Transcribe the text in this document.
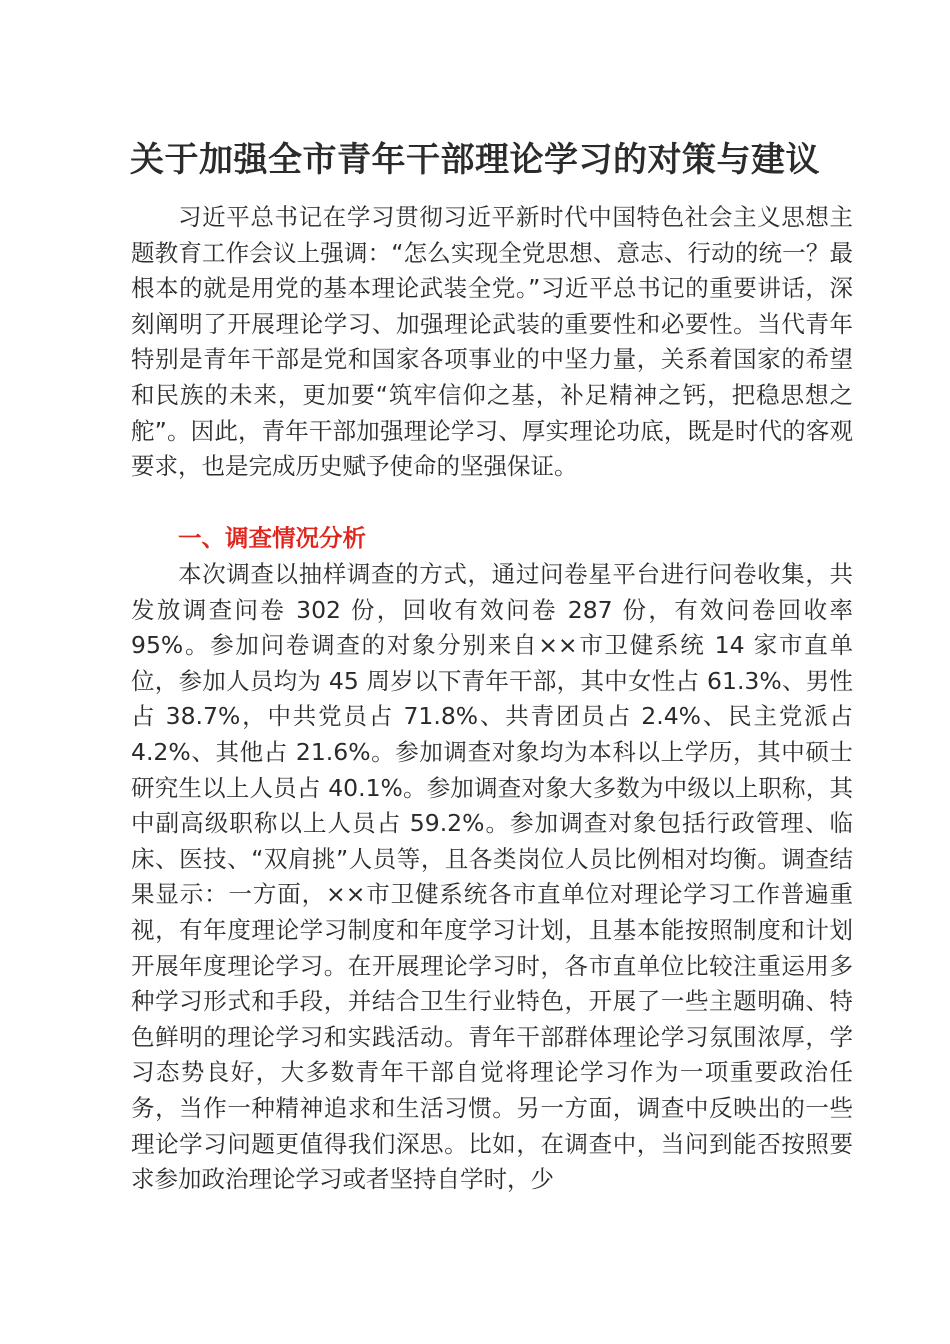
关于加强全市青年干部理论学习的对策与建议

习近平总书记在学习贯彻习近平新时代中国特色社会主义思想主题教育工作会议上强调：“怎么实现全党思想、意志、行动的统一？最根本的就是用党的基本理论武装全党。”习近平总书记的重要讲话，深刻阐明了开展理论学习、加强理论武装的重要性和必要性。当代青年特别是青年干部是党和国家各项事业的中坚力量，关系着国家的希望和民族的未来，更加要“筑牢信仰之基，补足精神之钙，把稳思想之舵”。因此，青年干部加强理论学习、厚实理论功底，既是时代的客观要求，也是完成历史赋予使命的坚强保证。

一、调查情况分析

本次调查以抽样调查的方式，通过问卷星平台进行问卷收集，共发放调查问卷 302 份，回收有效问卷 287 份，有效问卷回收率 95%。参加问卷调查的对象分别来自××市卫健系统 14 家市直单位，参加人员均为 45 周岁以下青年干部，其中女性占 61.3%、男性占 38.7%，中共党员占 71.8%、共青团员占 2.4%、民主党派占 4.2%、其他占 21.6%。参加调查对象均为本科以上学历，其中硕士研究生以上人员占 40.1%。参加调查对象大多数为中级以上职称，其中副高级职称以上人员占 59.2%。参加调查对象包括行政管理、临床、医技、“双肩挑”人员等，且各类岗位人员比例相对均衡。调查结果显示：一方面，××市卫健系统各市直单位对理论学习工作普遍重视，有年度理论学习制度和年度学习计划，且基本能按照制度和计划开展年度理论学习。在开展理论学习时，各市直单位比较注重运用多种学习形式和手段，并结合卫生行业特色，开展了一些主题明确、特色鲜明的理论学习和实践活动。青年干部群体理论学习氛围浓厚，学习态势良好，大多数青年干部自觉将理论学习作为一项重要政治任务，当作一种精神追求和生活习惯。另一方面，调查中反映出的一些理论学习问题更值得我们深思。比如，在调查中，当问到能否按照要求参加政治理论学习或者坚持自学时，少
